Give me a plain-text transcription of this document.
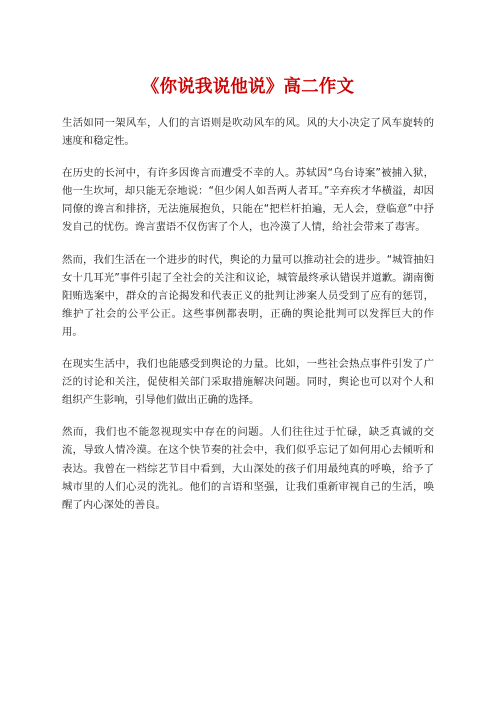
《你说我说他说》高二作文

生活如同一架风车，人们的言语则是吹动风车的风。风的大小决定了风车旋转的速度和稳定性。

在历史的长河中，有许多因谗言而遭受不幸的人。苏轼因“乌台诗案”被捕入狱，他一生坎坷，却只能无奈地说：“但少闲人如吾两人者耳。”辛弃疾才华横溢，却因同僚的谗言和排挤，无法施展抱负，只能在“把栏杆拍遍，无人会，登临意”中抒发自己的忧伤。谗言蜚语不仅伤害了个人，也冷漠了人情，给社会带来了毒害。

然而，我们生活在一个进步的时代，舆论的力量可以推动社会的进步。“城管抽妇女十几耳光”事件引起了全社会的关注和议论，城管最终承认错误并道歉。湖南衡阳贿选案中，群众的言论揭发和代表正义的批判让涉案人员受到了应有的惩罚，维护了社会的公平公正。这些事例都表明，正确的舆论批判可以发挥巨大的作用。

在现实生活中，我们也能感受到舆论的力量。比如，一些社会热点事件引发了广泛的讨论和关注，促使相关部门采取措施解决问题。同时，舆论也可以对个人和组织产生影响，引导他们做出正确的选择。

然而，我们也不能忽视现实中存在的问题。人们往往过于忙碌，缺乏真诚的交流，导致人情冷漠。在这个快节奏的社会中，我们似乎忘记了如何用心去倾听和表达。我曾在一档综艺节目中看到，大山深处的孩子们用最纯真的呼唤，给予了城市里的人们心灵的洗礼。他们的言语和坚强，让我们重新审视自己的生活，唤醒了内心深处的善良。
